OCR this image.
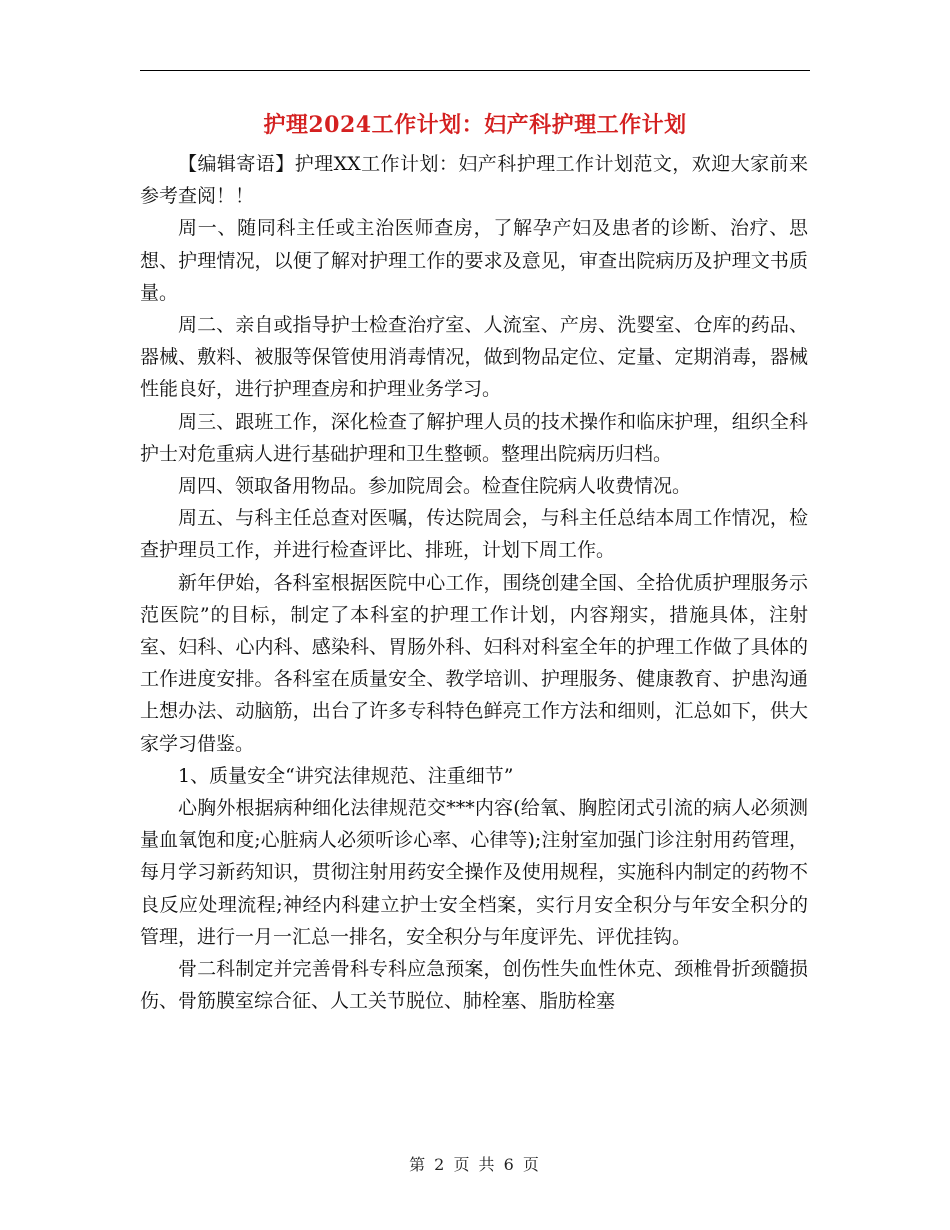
护理2024工作计划：妇产科护理工作计划

【编辑寄语】护理XX工作计划：妇产科护理工作计划范文，欢迎大家前来参考查阅！！

周一、随同科主任或主治医师查房，了解孕产妇及患者的诊断、治疗、思想、护理情况，以便了解对护理工作的要求及意见，审查出院病历及护理文书质量。

周二、亲自或指导护士检查治疗室、人流室、产房、洗婴室、仓库的药品、器械、敷料、被服等保管使用消毒情况，做到物品定位、定量、定期消毒，器械性能良好，进行护理查房和护理业务学习。

周三、跟班工作，深化检查了解护理人员的技术操作和临床护理，组织全科护士对危重病人进行基础护理和卫生整顿。整理出院病历归档。

周四、领取备用物品。参加院周会。检查住院病人收费情况。

周五、与科主任总查对医嘱，传达院周会，与科主任总结本周工作情况，检查护理员工作，并进行检查评比、排班，计划下周工作。

新年伊始，各科室根据医院中心工作，围绕创建全国、全拾优质护理服务示范医院”的目标，制定了本科室的护理工作计划，内容翔实，措施具体，注射室、妇科、心内科、感染科、胃肠外科、妇科对科室全年的护理工作做了具体的工作进度安排。各科室在质量安全、教学培训、护理服务、健康教育、护患沟通上想办法、动脑筋，出台了许多专科特色鲜亮工作方法和细则，汇总如下，供大家学习借鉴。

1、质量安全“讲究法律规范、注重细节”

心胸外根据病种细化法律规范交***内容(给氧、胸腔闭式引流的病人必须测量血氧饱和度;心脏病人必须听诊心率、心律等);注射室加强门诊注射用药管理，每月学习新药知识，贯彻注射用药安全操作及使用规程，实施科内制定的药物不良反应处理流程;神经内科建立护士安全档案，实行月安全积分与年安全积分的管理，进行一月一汇总一排名，安全积分与年度评先、评优挂钩。

骨二科制定并完善骨科专科应急预案，创伤性失血性休克、颈椎骨折颈髓损伤、骨筋膜室综合征、人工关节脱位、肺栓塞、脂肪栓塞

第 2 页 共 6 页
